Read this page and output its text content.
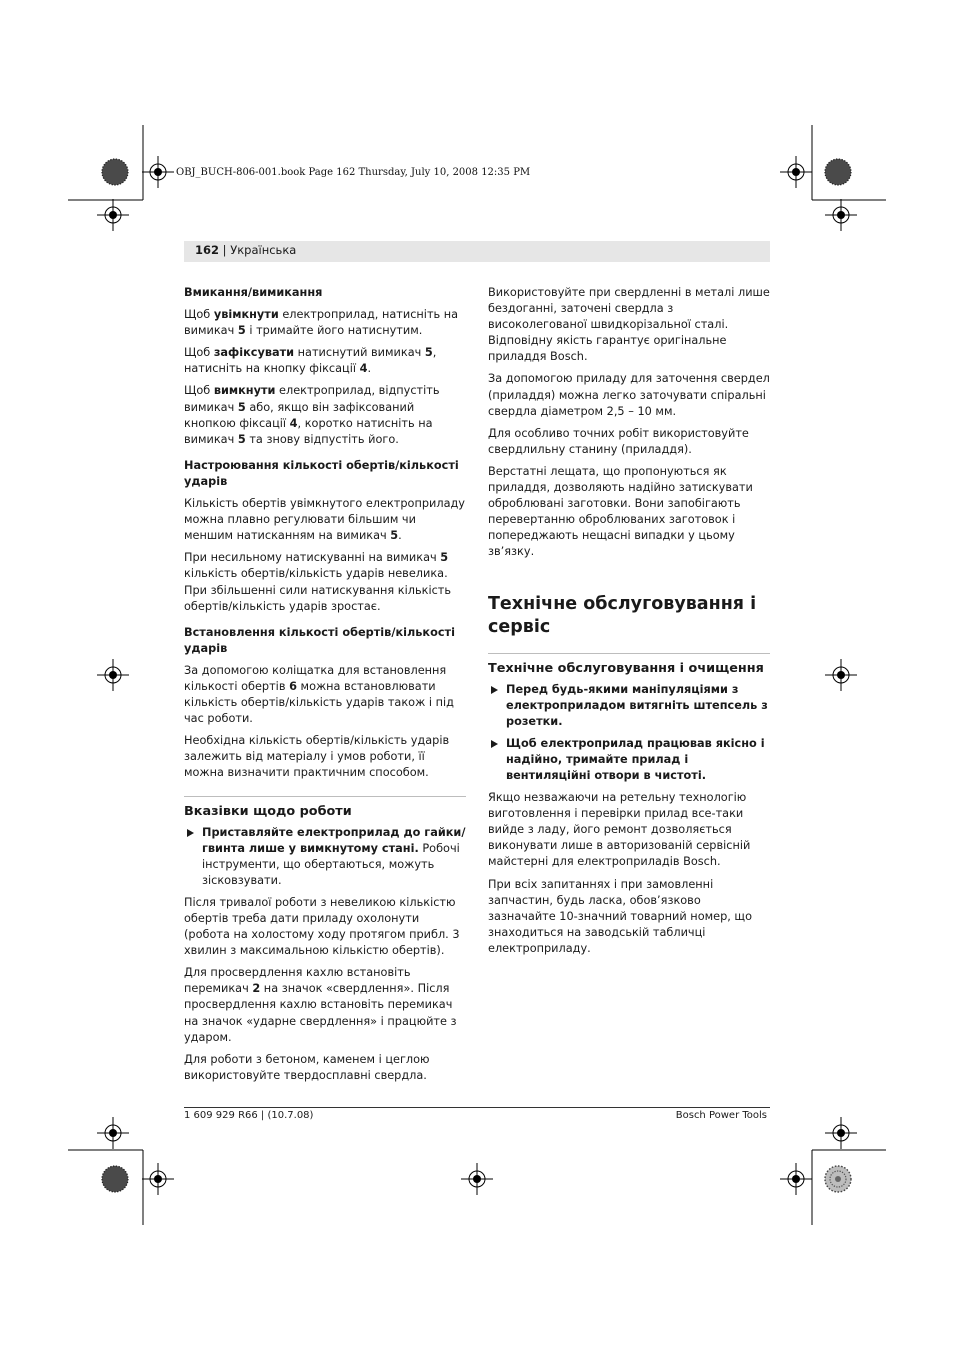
OBJ_BUCH-806-001.book Page 162 Thursday, July 10, 2008 12:35 PM
162 | Українська
Вмикання/вимикання

Щоб увімкнути електроприлад, натисніть на вимикач 5 і тримайте його натиснутим.

Щоб зафіксувати натиснутий вимикач 5, натисніть на кнопку фіксації 4.

Щоб вимкнути електроприлад, відпустіть вимикач 5 або, якщо він зафіксований кнопкою фіксації 4, коротко натисніть на вимикач 5 та знову відпустіть його.

Настроювання кількості обертів/кількості ударів

Кількість обертів увімкнутого електроприладу можна плавно регулювати більшим чи меншим натисканням на вимикач 5.

При несильному натискуванні на вимикач 5 кількість обертів/кількість ударів невелика. При збільшенні сили натискування кількість обертів/кількість ударів зростає.

Встановлення кількості обертів/кількості ударів

За допомогою коліщатка для встановлення кількості обертів 6 можна встановлювати кількість обертів/кількість ударів також і під час роботи.

Необхідна кількість обертів/кількість ударів залежить від матеріалу і умов роботи, її можна визначити практичним способом.

Вказівки щодо роботи
Приставляйте електроприлад до гайки/гвинта лише у вимкнутому стані. Робочі інструменти, що обертаються, можуть зісковзувати.

Після тривалої роботи з невеликою кількістю обертів треба дати приладу охолонути (робота на холостому ходу протягом прибл. 3 хвилин з максимальною кількістю обертів).

Для просвердлення кахлю встановіть перемикач 2 на значок «свердлення». Після просвердлення кахлю встановіть перемикач на значок «ударне свердлення» і працюйте з ударом.

Для роботи з бетоном, каменем і цеглою використовуйте твердосплавні свердла.

Використовуйте при свердленні в металі лише бездоганні, заточені свердла з високолегованої швидкорізальної сталі. Відповідну якість гарантує оригінальне приладдя Bosch.

За допомогою приладу для заточення свердел (приладдя) можна легко заточувати спіральні свердла діаметром 2,5 – 10 мм.

Для особливо точних робіт використовуйте свердлильну станину (приладдя).

Верстатні лещата, що пропонуються як приладдя, дозволяють надійно затискувати оброблювані заготовки. Вони запобігають перевертанню оброблюваних заготовок і попереджають нещасні випадки у цьому зв’язку.

Технічне обслуговування і сервіс
Технічне обслуговування і очищення
Перед будь-якими маніпуляціями з електроприладом витягніть штепсель з розетки.
Щоб електроприлад працював якісно і надійно, тримайте прилад і вентиляційні отвори в чистоті.

Якщо незважаючи на ретельну технологію виготовлення і перевірки прилад все-таки вийде з ладу, його ремонт дозволяється виконувати лише в авторизованій сервісній майстерні для електроприладів Bosch.

При всіх запитаннях і при замовленні запчастин, будь ласка, обов’язково зазначайте 10-значний товарний номер, що знаходиться на заводській табличці електроприладу.

1 609 929 R66 | (10.7.08)	Bosch Power Tools
